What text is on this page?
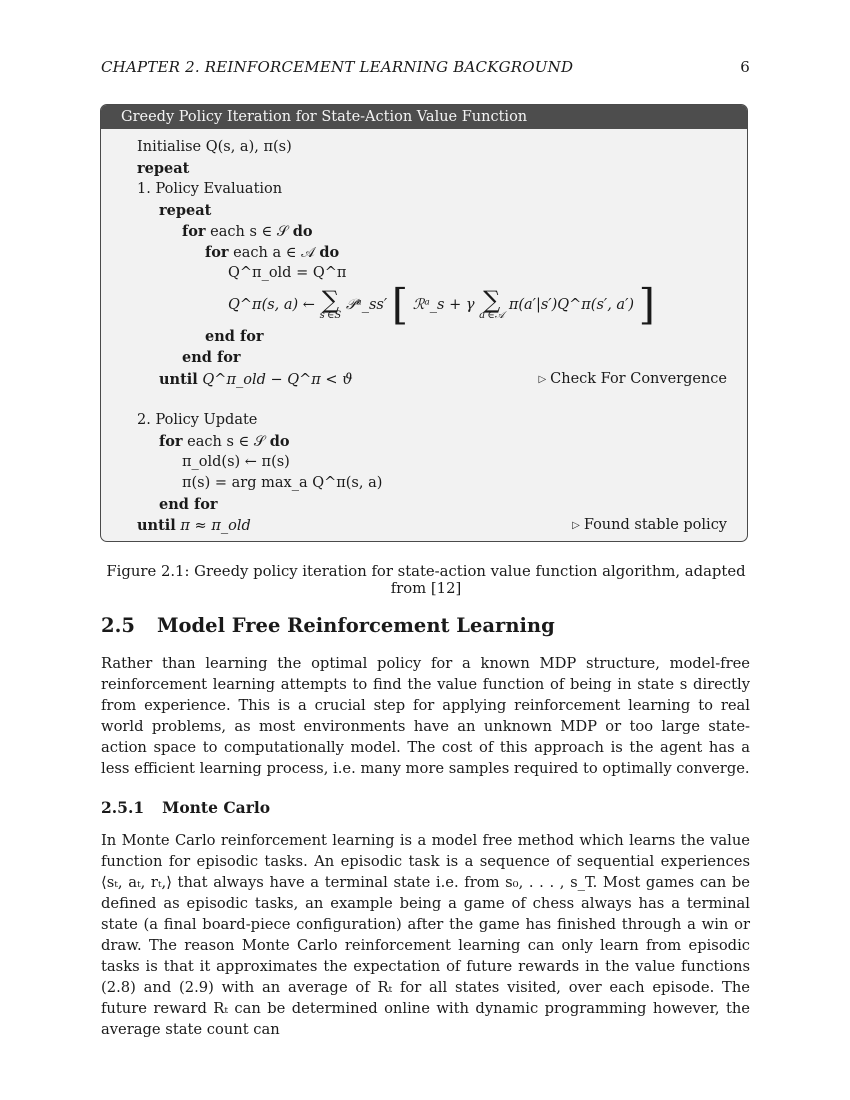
CHAPTER 2. REINFORCEMENT LEARNING BACKGROUND	6
Greedy Policy Iteration for State-Action Value Function
Initialise Q(s, a), π(s)
repeat
1. Policy Evaluation
repeat
for each s ∈ 𝒮 do
for each a ∈ 𝒜 do
Q^π_old = Q^π
Q^π(s, a) ← ∑
s′∈S
𝒫ᵃ_ss′ [ ℛᵃ_s + γ ∑
a′∈𝒜
π(a′|s′)Q^π(s′, a′) ]
end for
end for
until Q^π_old − Q^π < ϑ	▷ Check For Convergence
2. Policy Update
for each s ∈ 𝒮 do
π_old(s) ← π(s)
π(s) = arg max_a Q^π(s, a)
end for
until π ≈ π_old	▷ Found stable policy
Figure 2.1: Greedy policy iteration for state-action value function algorithm, adapted from [12]
2.5 Model Free Reinforcement Learning
Rather than learning the optimal policy for a known MDP structure, model-free reinforcement learning attempts to find the value function of being in state s directly from experience. This is a crucial step for applying reinforcement learning to real world problems, as most environments have an unknown MDP or too large state-action space to computationally model. The cost of this approach is the agent has a less efficient learning process, i.e. many more samples required to optimally converge.
2.5.1 Monte Carlo
In Monte Carlo reinforcement learning is a model free method which learns the value function for episodic tasks. An episodic task is a sequence of sequential experiences ⟨sₜ, aₜ, rₜ,⟩ that always have a terminal state i.e. from s₀, . . . , s_T. Most games can be defined as episodic tasks, an example being a game of chess always has a terminal state (a final board-piece configuration) after the game has finished through a win or draw. The reason Monte Carlo reinforcement learning can only learn from episodic tasks is that it approximates the expectation of future rewards in the value functions (2.8) and (2.9) with an average of Rₜ for all states visited, over each episode. The future reward Rₜ can be determined online with dynamic programming however, the average state count can
